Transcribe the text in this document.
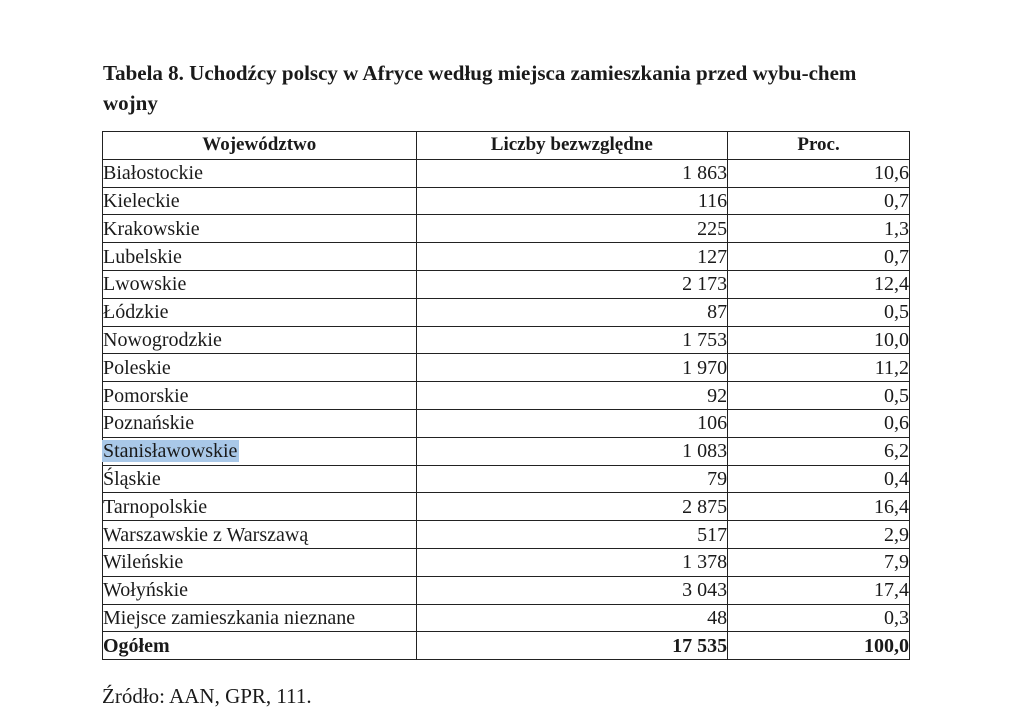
Tabela 8. Uchodźcy polscy w Afryce według miejsca zamieszkania przed wybu-chem wojny
Województwo	Liczby bezwzględne	Proc.
Białostockie	1 863	10,6
Kieleckie	116	0,7
Krakowskie	225	1,3
Lubelskie	127	0,7
Lwowskie	2 173	12,4
Łódzkie	87	0,5
Nowogrodzkie	1 753	10,0
Poleskie	1 970	11,2
Pomorskie	92	0,5
Poznańskie	106	0,6
Stanisławowskie	1 083	6,2
Śląskie	79	0,4
Tarnopolskie	2 875	16,4
Warszawskie z Warszawą	517	2,9
Wileńskie	1 378	7,9
Wołyńskie	3 043	17,4
Miejsce zamieszkania nieznane	48	0,3
Ogółem	17 535	100,0
Źródło: AAN, GPR, 111.
